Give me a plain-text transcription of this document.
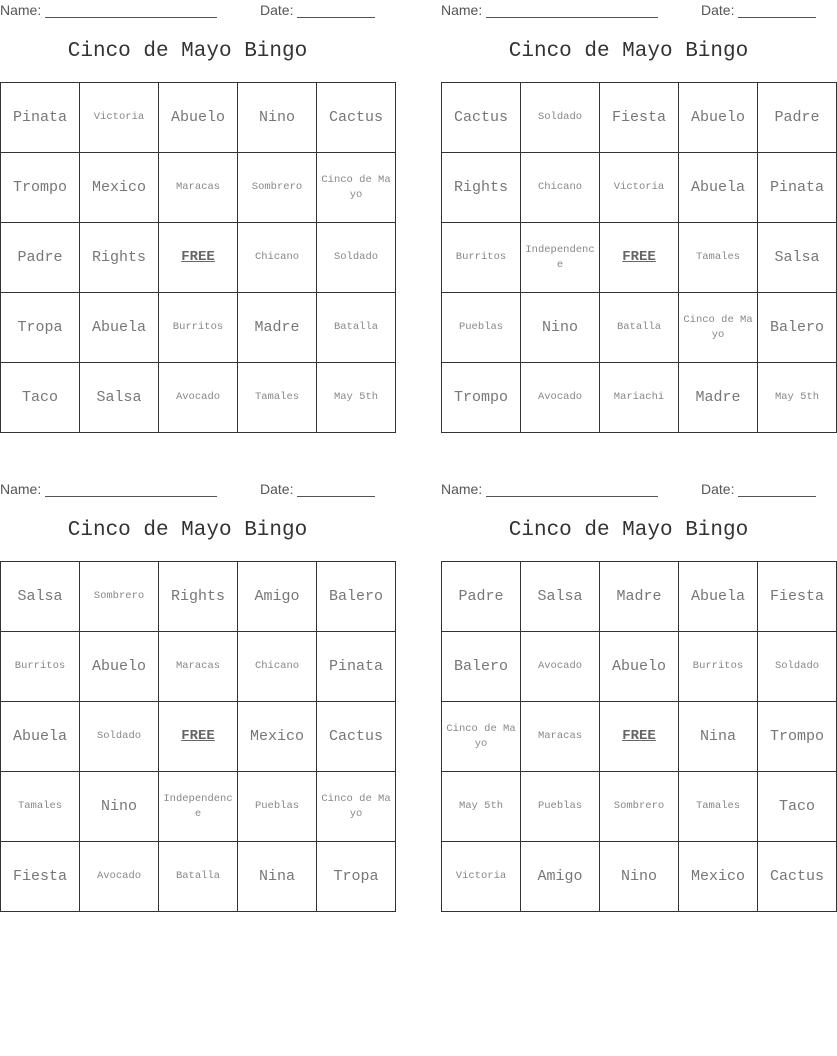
Name:	Date:
Cinco de Mayo Bingo
Pinata	Victoria	Abuelo	Nino	Cactus
Trompo	Mexico	Maracas	Sombrero	Cinco de Mayo
Padre	Rights	FREE	Chicano	Soldado
Tropa	Abuela	Burritos	Madre	Batalla
Taco	Salsa	Avocado	Tamales	May 5th
Name:	Date:
Cinco de Mayo Bingo
Cactus	Soldado	Fiesta	Abuelo	Padre
Rights	Chicano	Victoria	Abuela	Pinata
Burritos	Independence	FREE	Tamales	Salsa
Pueblas	Nino	Batalla	Cinco de Mayo	Balero
Trompo	Avocado	Mariachi	Madre	May 5th
Name:	Date:
Cinco de Mayo Bingo
Salsa	Sombrero	Rights	Amigo	Balero
Burritos	Abuelo	Maracas	Chicano	Pinata
Abuela	Soldado	FREE	Mexico	Cactus
Tamales	Nino	Independence	Pueblas	Cinco de Mayo
Fiesta	Avocado	Batalla	Nina	Tropa
Name:	Date:
Cinco de Mayo Bingo
Padre	Salsa	Madre	Abuela	Fiesta
Balero	Avocado	Abuelo	Burritos	Soldado
Cinco de Mayo	Maracas	FREE	Nina	Trompo
May 5th	Pueblas	Sombrero	Tamales	Taco
Victoria	Amigo	Nino	Mexico	Cactus
